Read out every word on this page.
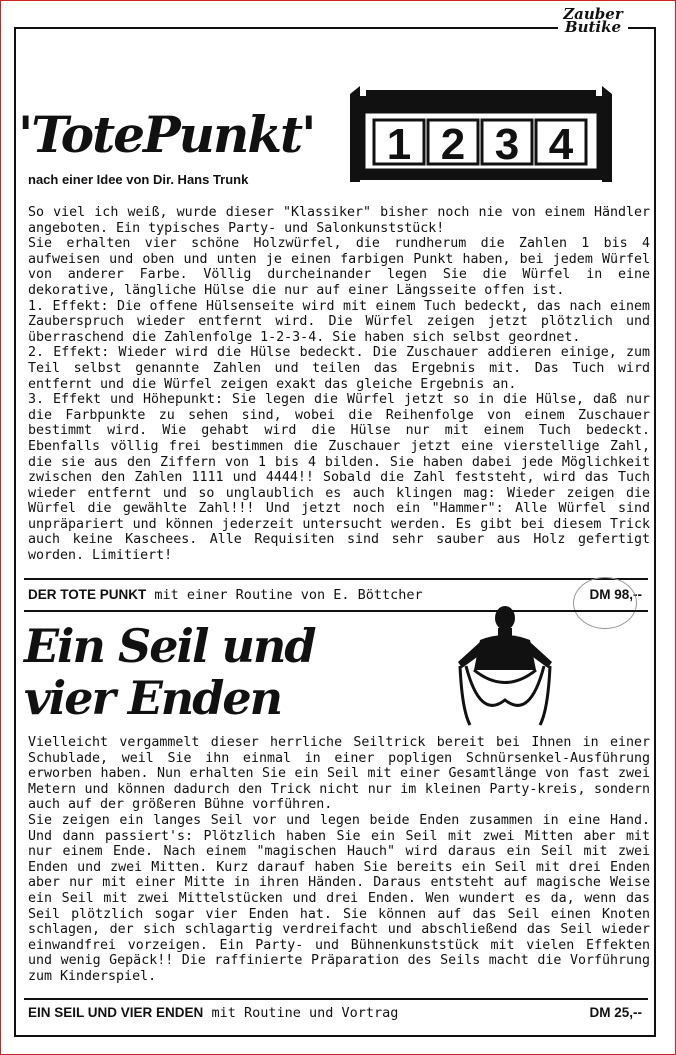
Zauber
Butike
'TotePunkt'
nach einer Idee von Dir. Hans Trunk
1 2 3 4

So viel ich weiß, wurde dieser "Klassiker" bisher noch nie von einem Händler angeboten. Ein typisches Party- und Salonkunststück!

Sie erhalten vier schöne Holzwürfel, die rundherum die Zahlen 1 bis 4 aufweisen und oben und unten je einen farbigen Punkt haben, bei jedem Würfel von anderer Farbe. Völlig durcheinander legen Sie die Würfel in eine dekorative, längliche Hülse die nur auf einer Längsseite offen ist.

1. Effekt: Die offene Hülsenseite wird mit einem Tuch bedeckt, das nach einem Zauberspruch wieder entfernt wird. Die Würfel zeigen jetzt plötzlich und überraschend die Zahlenfolge 1-2-3-4. Sie haben sich selbst geordnet.

2. Effekt: Wieder wird die Hülse bedeckt. Die Zuschauer addieren einige, zum Teil selbst genannte Zahlen und teilen das Ergebnis mit. Das Tuch wird entfernt und die Würfel zeigen exakt das gleiche Ergebnis an.

3. Effekt und Höhepunkt: Sie legen die Würfel jetzt so in die Hülse, daß nur die Farbpunkte zu sehen sind, wobei die Reihenfolge von einem Zuschauer bestimmt wird. Wie gehabt wird die Hülse nur mit einem Tuch bedeckt. Ebenfalls völlig frei bestimmen die Zuschauer jetzt eine vierstellige Zahl, die sie aus den Ziffern von 1 bis 4 bilden. Sie haben dabei jede Möglichkeit zwischen den Zahlen 1111 und 4444!! Sobald die Zahl feststeht, wird das Tuch wieder entfernt und so unglaublich es auch klingen mag: Wieder zeigen die Würfel die gewählte Zahl!!! Und jetzt noch ein "Hammer": Alle Würfel sind unpräpariert und können jederzeit untersucht werden. Es gibt bei diesem Trick auch keine Kaschees. Alle Requisiten sind sehr sauber aus Holz gefertigt worden. Limitiert!

DER TOTE PUNKT mit einer Routine von E. Böttcher	DM 98,--
Ein Seil und
vier Enden

Vielleicht vergammelt dieser herrliche Seiltrick bereit bei Ihnen in einer Schublade, weil Sie ihn einmal in einer popligen Schnürsenkel-Ausführung erworben haben. Nun erhalten Sie ein Seil mit einer Gesamtlänge von fast zwei Metern und können dadurch den Trick nicht nur im kleinen Party-kreis, sondern auch auf der größeren Bühne vorführen.

Sie zeigen ein langes Seil vor und legen beide Enden zusammen in eine Hand. Und dann passiert's: Plötzlich haben Sie ein Seil mit zwei Mitten aber mit nur einem Ende. Nach einem "magischen Hauch" wird daraus ein Seil mit zwei Enden und zwei Mitten. Kurz darauf haben Sie bereits ein Seil mit drei Enden aber nur mit einer Mitte in ihren Händen. Daraus entsteht auf magische Weise ein Seil mit zwei Mittelstücken und drei Enden. Wen wundert es da, wenn das Seil plötzlich sogar vier Enden hat. Sie können auf das Seil einen Knoten schlagen, der sich schlagartig verdreifacht und abschließend das Seil wieder einwandfrei vorzeigen. Ein Party- und Bühnenkunststück mit vielen Effekten und wenig Gepäck!! Die raffinierte Präparation des Seils macht die Vorführung zum Kinderspiel.

EIN SEIL UND VIER ENDEN mit Routine und Vortrag	DM 25,--
